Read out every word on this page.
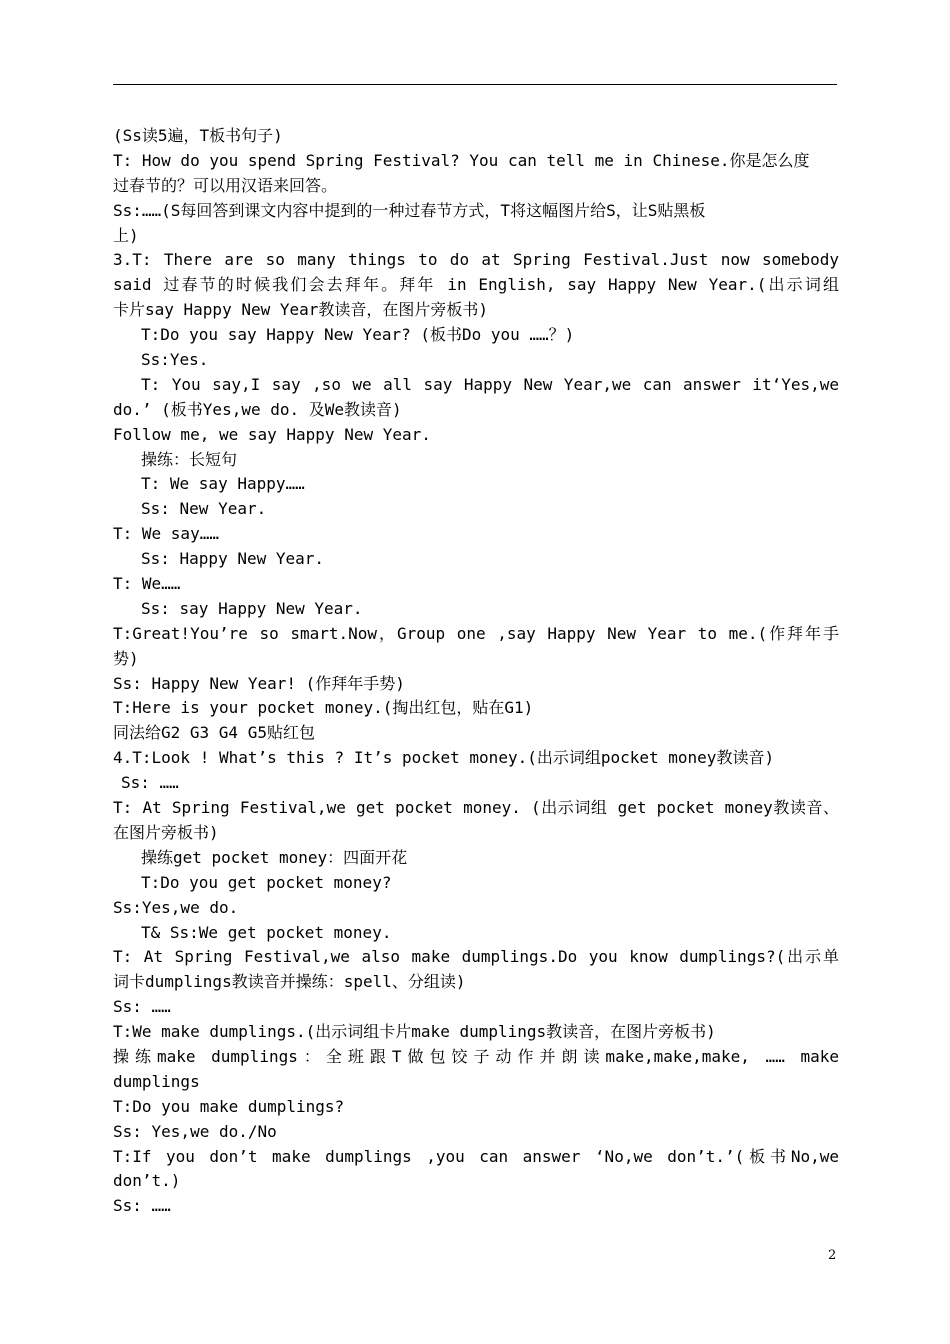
(Ss读5遍，T板书句子)
T: How do you spend Spring Festival? You can tell me in Chinese.你是怎么度
过春节的？可以用汉语来回答。
Ss:……(S每回答到课文内容中提到的一种过春节方式，T将这幅图片给S，让S贴黑板
上)
3.T: There are so many things to do at Spring Festival.Just now somebody
said 过春节的时候我们会去拜年。拜年 in English, say Happy New Year.(出示词组
卡片say Happy New Year教读音，在图片旁板书)
T:Do you say Happy New Year? (板书Do you ……？)
Ss:Yes.
T: You say,I say ,so we all say Happy New Year,we can answer it‘Yes,we
do.’ (板书Yes,we do. 及We教读音)
Follow me, we say Happy New Year.
操练：长短句
T: We say Happy……
Ss: New Year.
T: We say……
Ss: Happy New Year.
T: We……
Ss: say Happy New Year.
T:Great!You’re so smart.Now，Group one ,say Happy New Year to me.(作拜年手
势)
Ss: Happy New Year! (作拜年手势)
T:Here is your pocket money.(掏出红包，贴在G1)
同法给G2 G3 G4 G5贴红包
4.T:Look ! What’s this ? It’s pocket money.(出示词组pocket money教读音)
Ss: ……
T: At Spring Festival,we get pocket money. (出示词组 get pocket money教读音、
在图片旁板书)
操练get pocket money：四面开花
T:Do you get pocket money?
Ss:Yes,we do.
T& Ss:We get pocket money.
T: At Spring Festival,we also make dumplings.Do you know dumplings?(出示单
词卡dumplings教读音并操练：spell、分组读)
Ss: ……
T:We make dumplings.(出示词组卡片make dumplings教读音，在图片旁板书)
操练make dumplings：全班跟T做包饺子动作并朗读make,make,make, …… make
dumplings
T:Do you make dumplings?
Ss: Yes,we do./No
T:If you don’t make dumplings ,you can answer ‘No,we don’t.’(板书No,we
don’t.)
Ss: ……
2
